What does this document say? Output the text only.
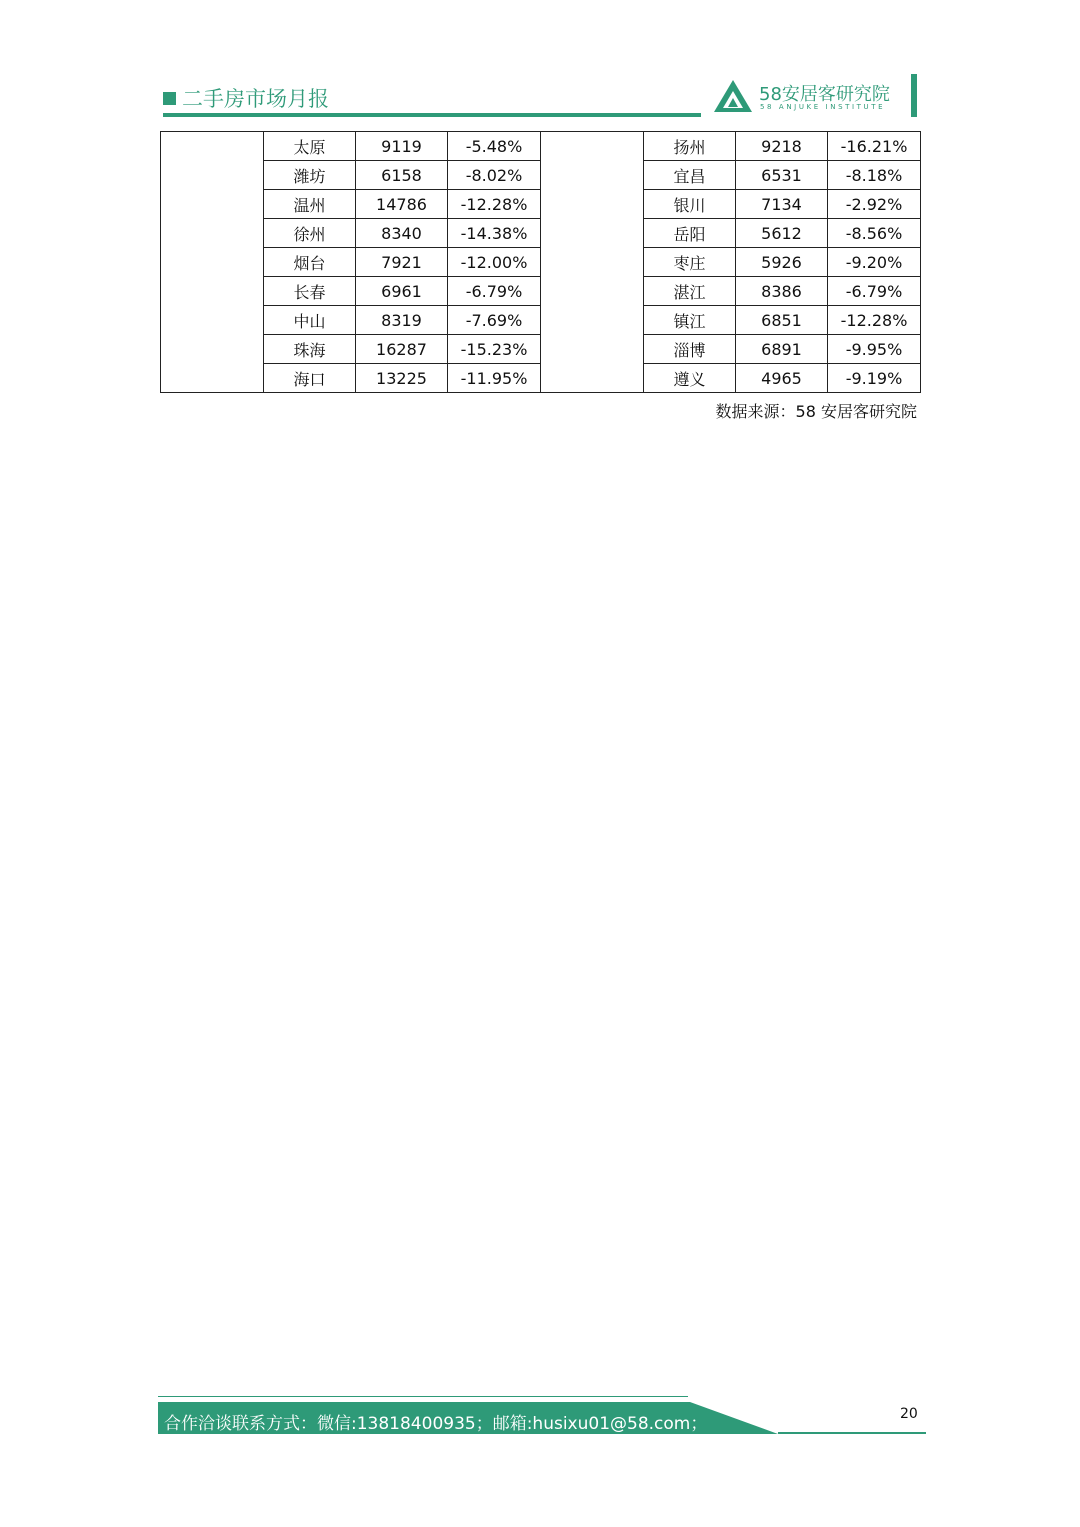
二手房市场月报	58安居客研究院
58 ANJUKE INSTITUTE
	太原	9119	-5.48%		扬州	9218	-16.21%
	潍坊	6158	-8.02%		宜昌	6531	-8.18%
	温州	14786	-12.28%		银川	7134	-2.92%
	徐州	8340	-14.38%		岳阳	5612	-8.56%
	烟台	7921	-12.00%		枣庄	5926	-9.20%
	长春	6961	-6.79%		湛江	8386	-6.79%
	中山	8319	-7.69%		镇江	6851	-12.28%
	珠海	16287	-15.23%		淄博	6891	-9.95%
	海口	13225	-11.95%		遵义	4965	-9.19%
数据来源：58 安居客研究院
合作洽谈联系方式：微信:13818400935；邮箱:husixu01@58.com；	20
